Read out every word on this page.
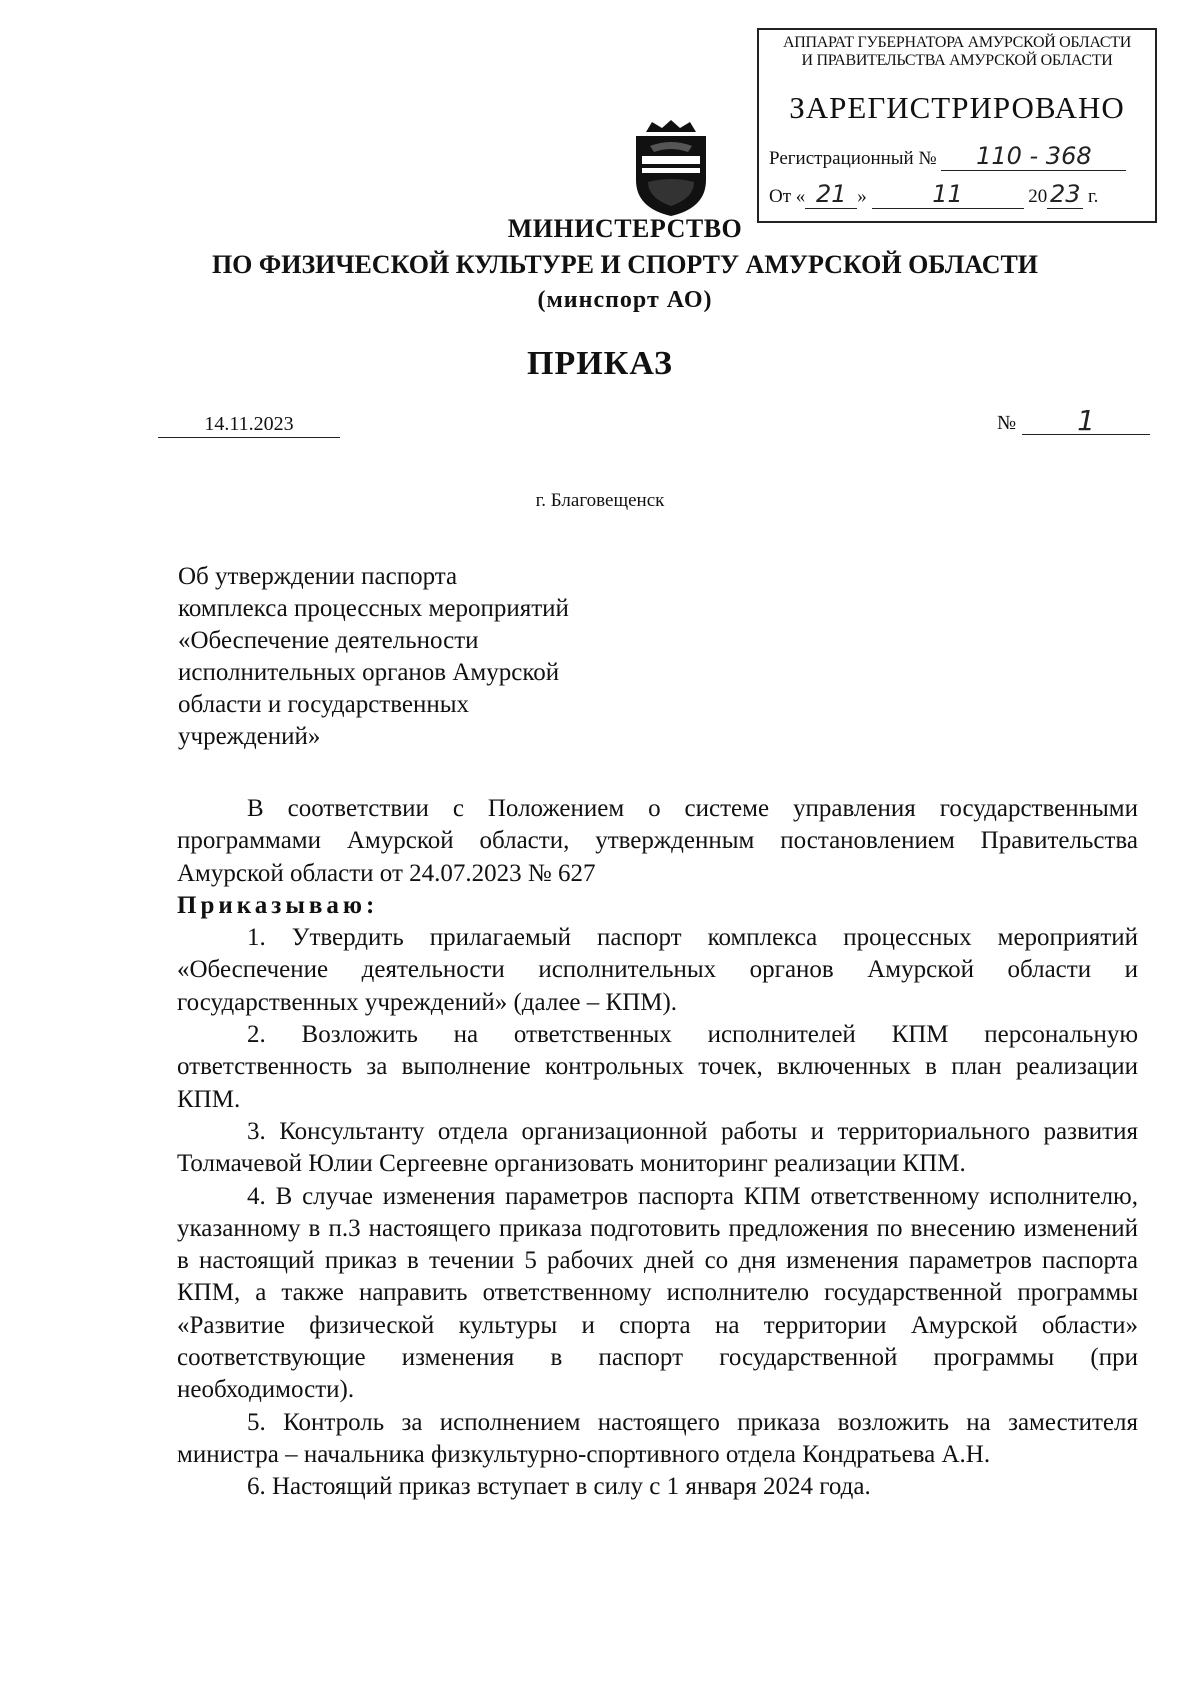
АППАРАТ ГУБЕРНАТОРА АМУРСКОЙ ОБЛАСТИ
И ПРАВИТЕЛЬСТВА АМУРСКОЙ ОБЛАСТИ
ЗАРЕГИСТРИРОВАНО
Регистрационный № 110 - 368
От « 21 »	11	20 23 г.
МИНИСТЕРСТВО
ПО ФИЗИЧЕСКОЙ КУЛЬТУРЕ И СПОРТУ АМУРСКОЙ ОБЛАСТИ
(минспорт АО)
ПРИКАЗ
14.11.2023	№	1
г. Благовещенск
Об утверждении паспорта
комплекса процессных мероприятий
«Обеспечение деятельности
исполнительных органов Амурской
области и государственных
учреждений»

В соответствии с Положением о системе управления государственными программами Амурской области, утвержденным постановлением Правительства Амурской области от 24.07.2023 № 627

Приказываю:

1. Утвердить прилагаемый паспорт комплекса процессных мероприятий «Обеспечение деятельности исполнительных органов Амурской области и государственных учреждений» (далее – КПМ).

2. Возложить на ответственных исполнителей КПМ персональную ответственность за выполнение контрольных точек, включенных в план реализации КПМ.

3. Консультанту отдела организационной работы и территориального развития Толмачевой Юлии Сергеевне организовать мониторинг реализации КПМ.

4. В случае изменения параметров паспорта КПМ ответственному исполнителю, указанному в п.3 настоящего приказа подготовить предложения по внесению изменений в настоящий приказ в течении 5 рабочих дней со дня изменения параметров паспорта КПМ, а также направить ответственному исполнителю государственной программы «Развитие физической культуры и спорта на территории Амурской области» соответствующие изменения в паспорт государственной программы (при необходимости).

5. Контроль за исполнением настоящего приказа возложить на заместителя министра – начальника физкультурно-спортивного отдела Кондратьева А.Н.

6. Настоящий приказ вступает в силу с 1 января 2024 года.
